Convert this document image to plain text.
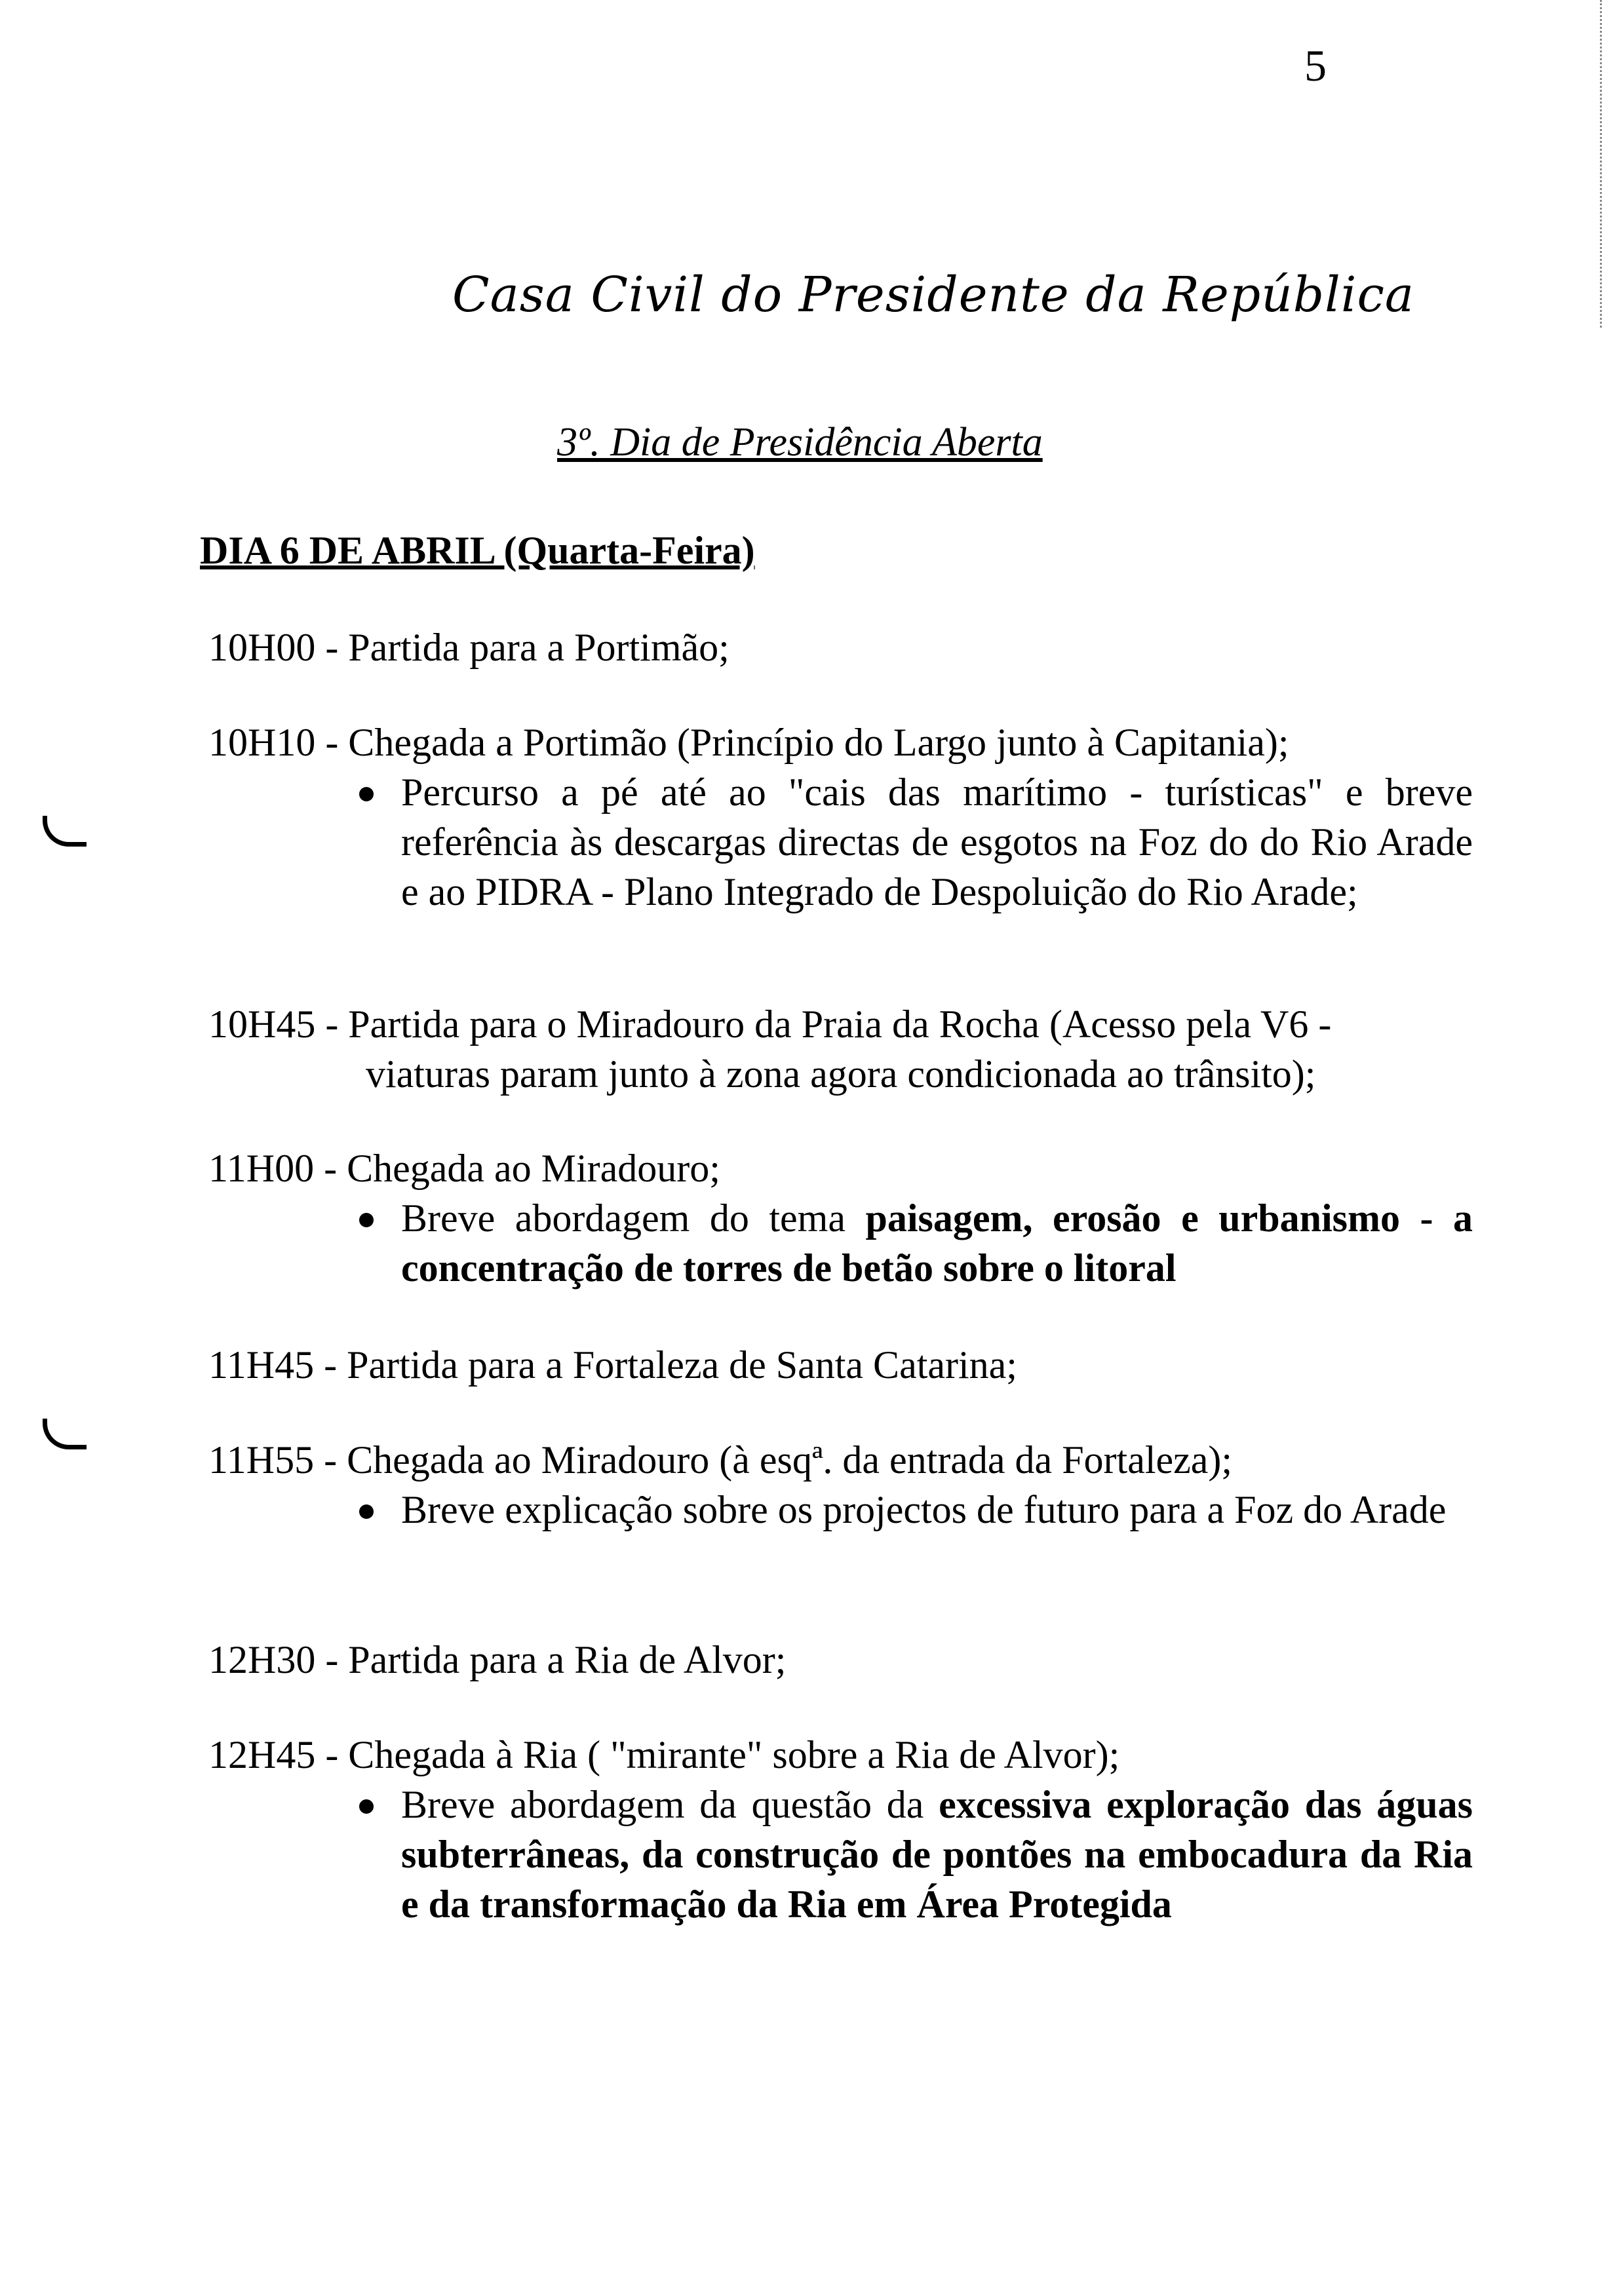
5
Casa Civil do Presidente da República
3º. Dia de Presidência Aberta
DIA 6 DE ABRIL (Quarta-Feira)
10H00 - Partida para a Portimão;
10H10 - Chegada a Portimão (Princípio do Largo junto à Capitania);
Percurso a pé até ao "cais das marítimo - turísticas" e breve referência às descargas directas de esgotos na Foz do do Rio Arade e ao PIDRA - Plano Integrado de Despoluição do Rio Arade;
10H45 - Partida para o Miradouro da Praia da Rocha (Acesso pela V6 -
viaturas param junto à zona agora condicionada ao trânsito);
11H00 - Chegada ao Miradouro;
Breve abordagem do tema paisagem, erosão e urbanismo - a concentração de torres de betão sobre o litoral
11H45 - Partida para a Fortaleza de Santa Catarina;
11H55 - Chegada ao Miradouro (à esqª. da entrada da Fortaleza);
Breve explicação sobre os projectos de futuro para a Foz do Arade
12H30 - Partida para a Ria de Alvor;
12H45 - Chegada à Ria ( "mirante" sobre a Ria de Alvor);
Breve abordagem da questão da excessiva exploração das águas subterrâneas, da construção de pontões na embocadura da Ria e da transformação da Ria em Área Protegida
